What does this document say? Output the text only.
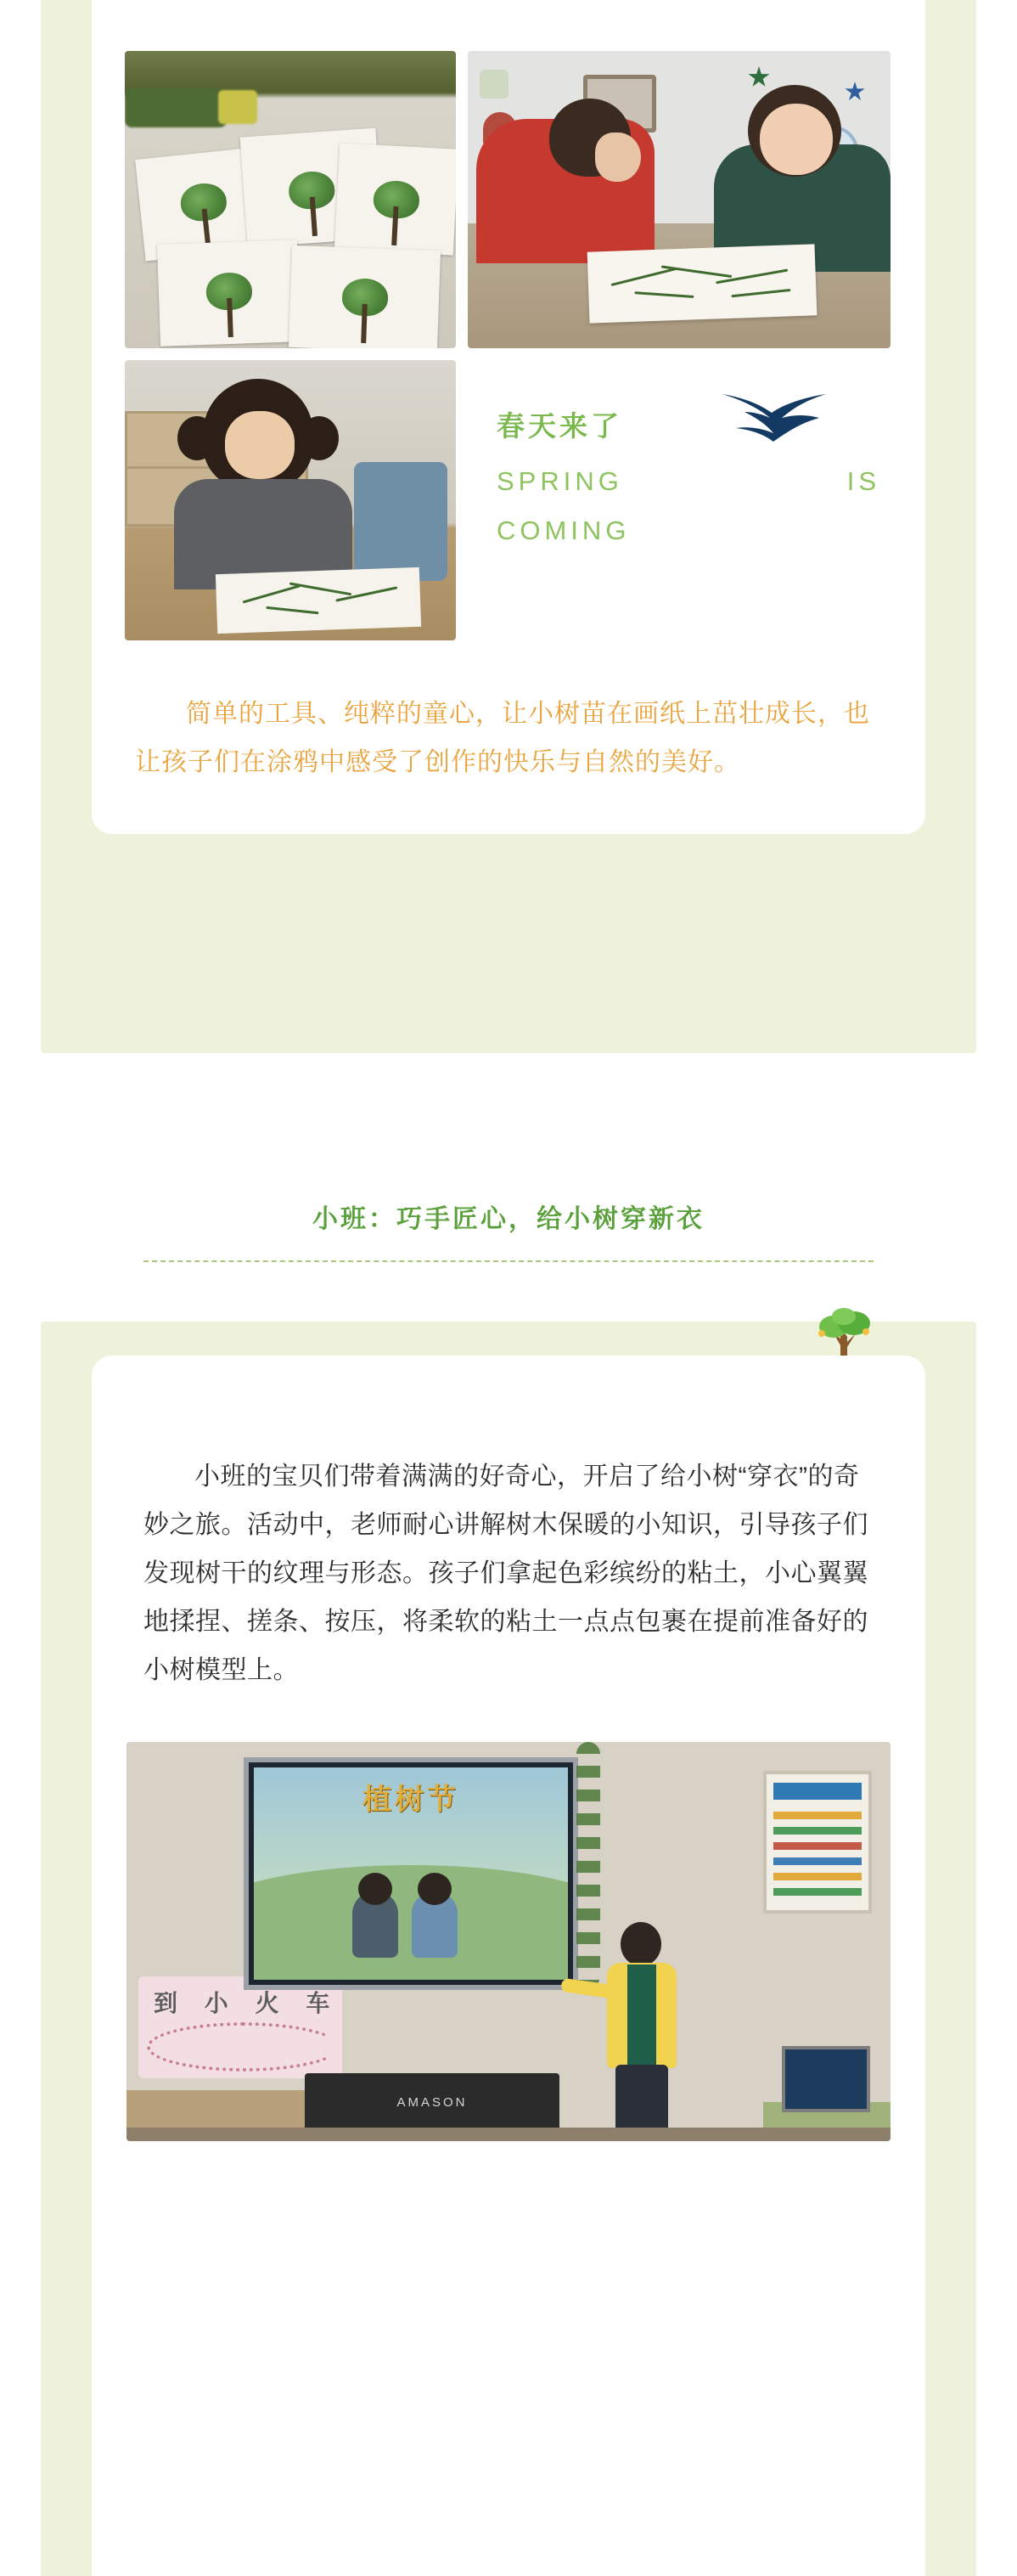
春天来了
SPRING	IS
COMING

简单的工具、纯粹的童心，让小树苗在画纸上茁壮成长，也让孩子们在涂鸦中感受了创作的快乐与自然的美好。

小班：巧手匠心，给小树穿新衣

小班的宝贝们带着满满的好奇心，开启了给小树“穿衣”的奇妙之旅。活动中，老师耐心讲解树木保暖的小知识，引导孩子们发现树干的纹理与形态。孩子们拿起色彩缤纷的粘土，小心翼翼地揉捏、搓条、按压，将柔软的粘土一点点包裹在提前准备好的小树模型上。

到 小 火 车
植树节
AMASON
